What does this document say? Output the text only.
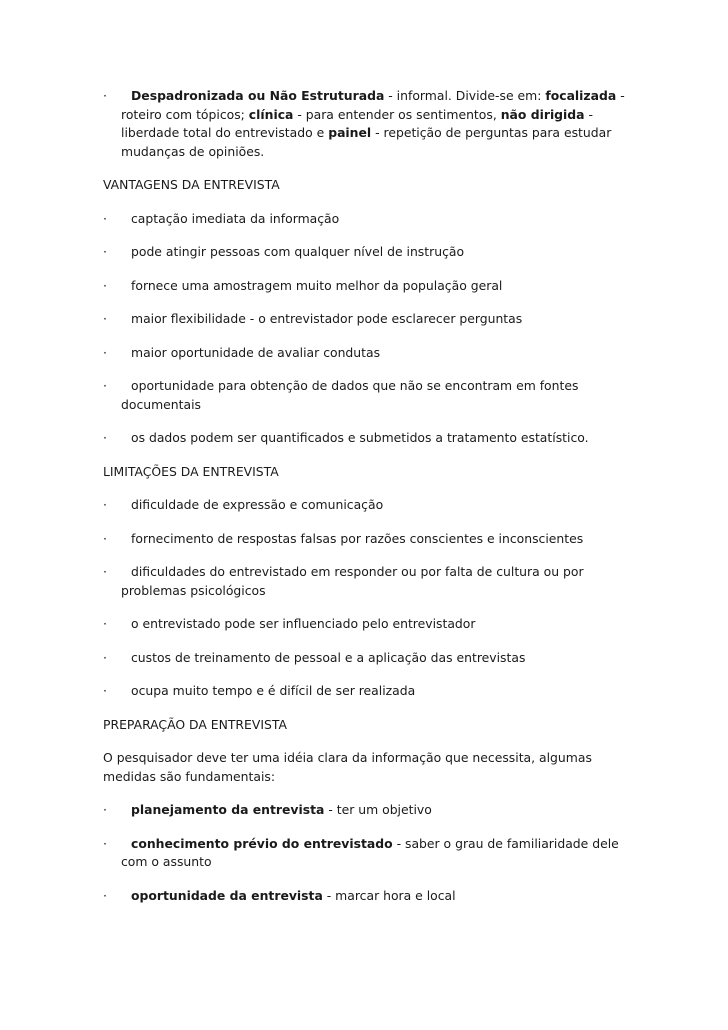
·	Despadronizada ou Não Estruturada - informal. Divide-se em: focalizada - roteiro com tópicos; clínica - para entender os sentimentos, não dirigida - liberdade total do entrevistado e painel - repetição de perguntas para estudar mudanças de opiniões.
VANTAGENS DA ENTREVISTA
·	captação imediata da informação
·	pode atingir pessoas com qualquer nível de instrução
·	fornece uma amostragem muito melhor da população geral
·	maior flexibilidade - o entrevistador pode esclarecer perguntas
·	maior oportunidade de avaliar condutas
·	oportunidade para obtenção de dados que não se encontram em fontes documentais
·	os dados podem ser quantificados e submetidos a tratamento estatístico.
LIMITAÇÕES DA ENTREVISTA
·	dificuldade de expressão e comunicação
·	fornecimento de respostas falsas por razões conscientes e inconscientes
·	dificuldades do entrevistado em responder ou por falta de cultura ou por problemas psicológicos
·	o entrevistado pode ser influenciado pelo entrevistador
·	custos de treinamento de pessoal e a aplicação das entrevistas
·	ocupa muito tempo e é difícil de ser realizada
PREPARAÇÃO DA ENTREVISTA
O pesquisador deve ter uma idéia clara da informação que necessita, algumas medidas são fundamentais:
·	planejamento da entrevista - ter um objetivo
·	conhecimento prévio do entrevistado - saber o grau de familiaridade dele com o assunto
·	oportunidade da entrevista - marcar hora e local
